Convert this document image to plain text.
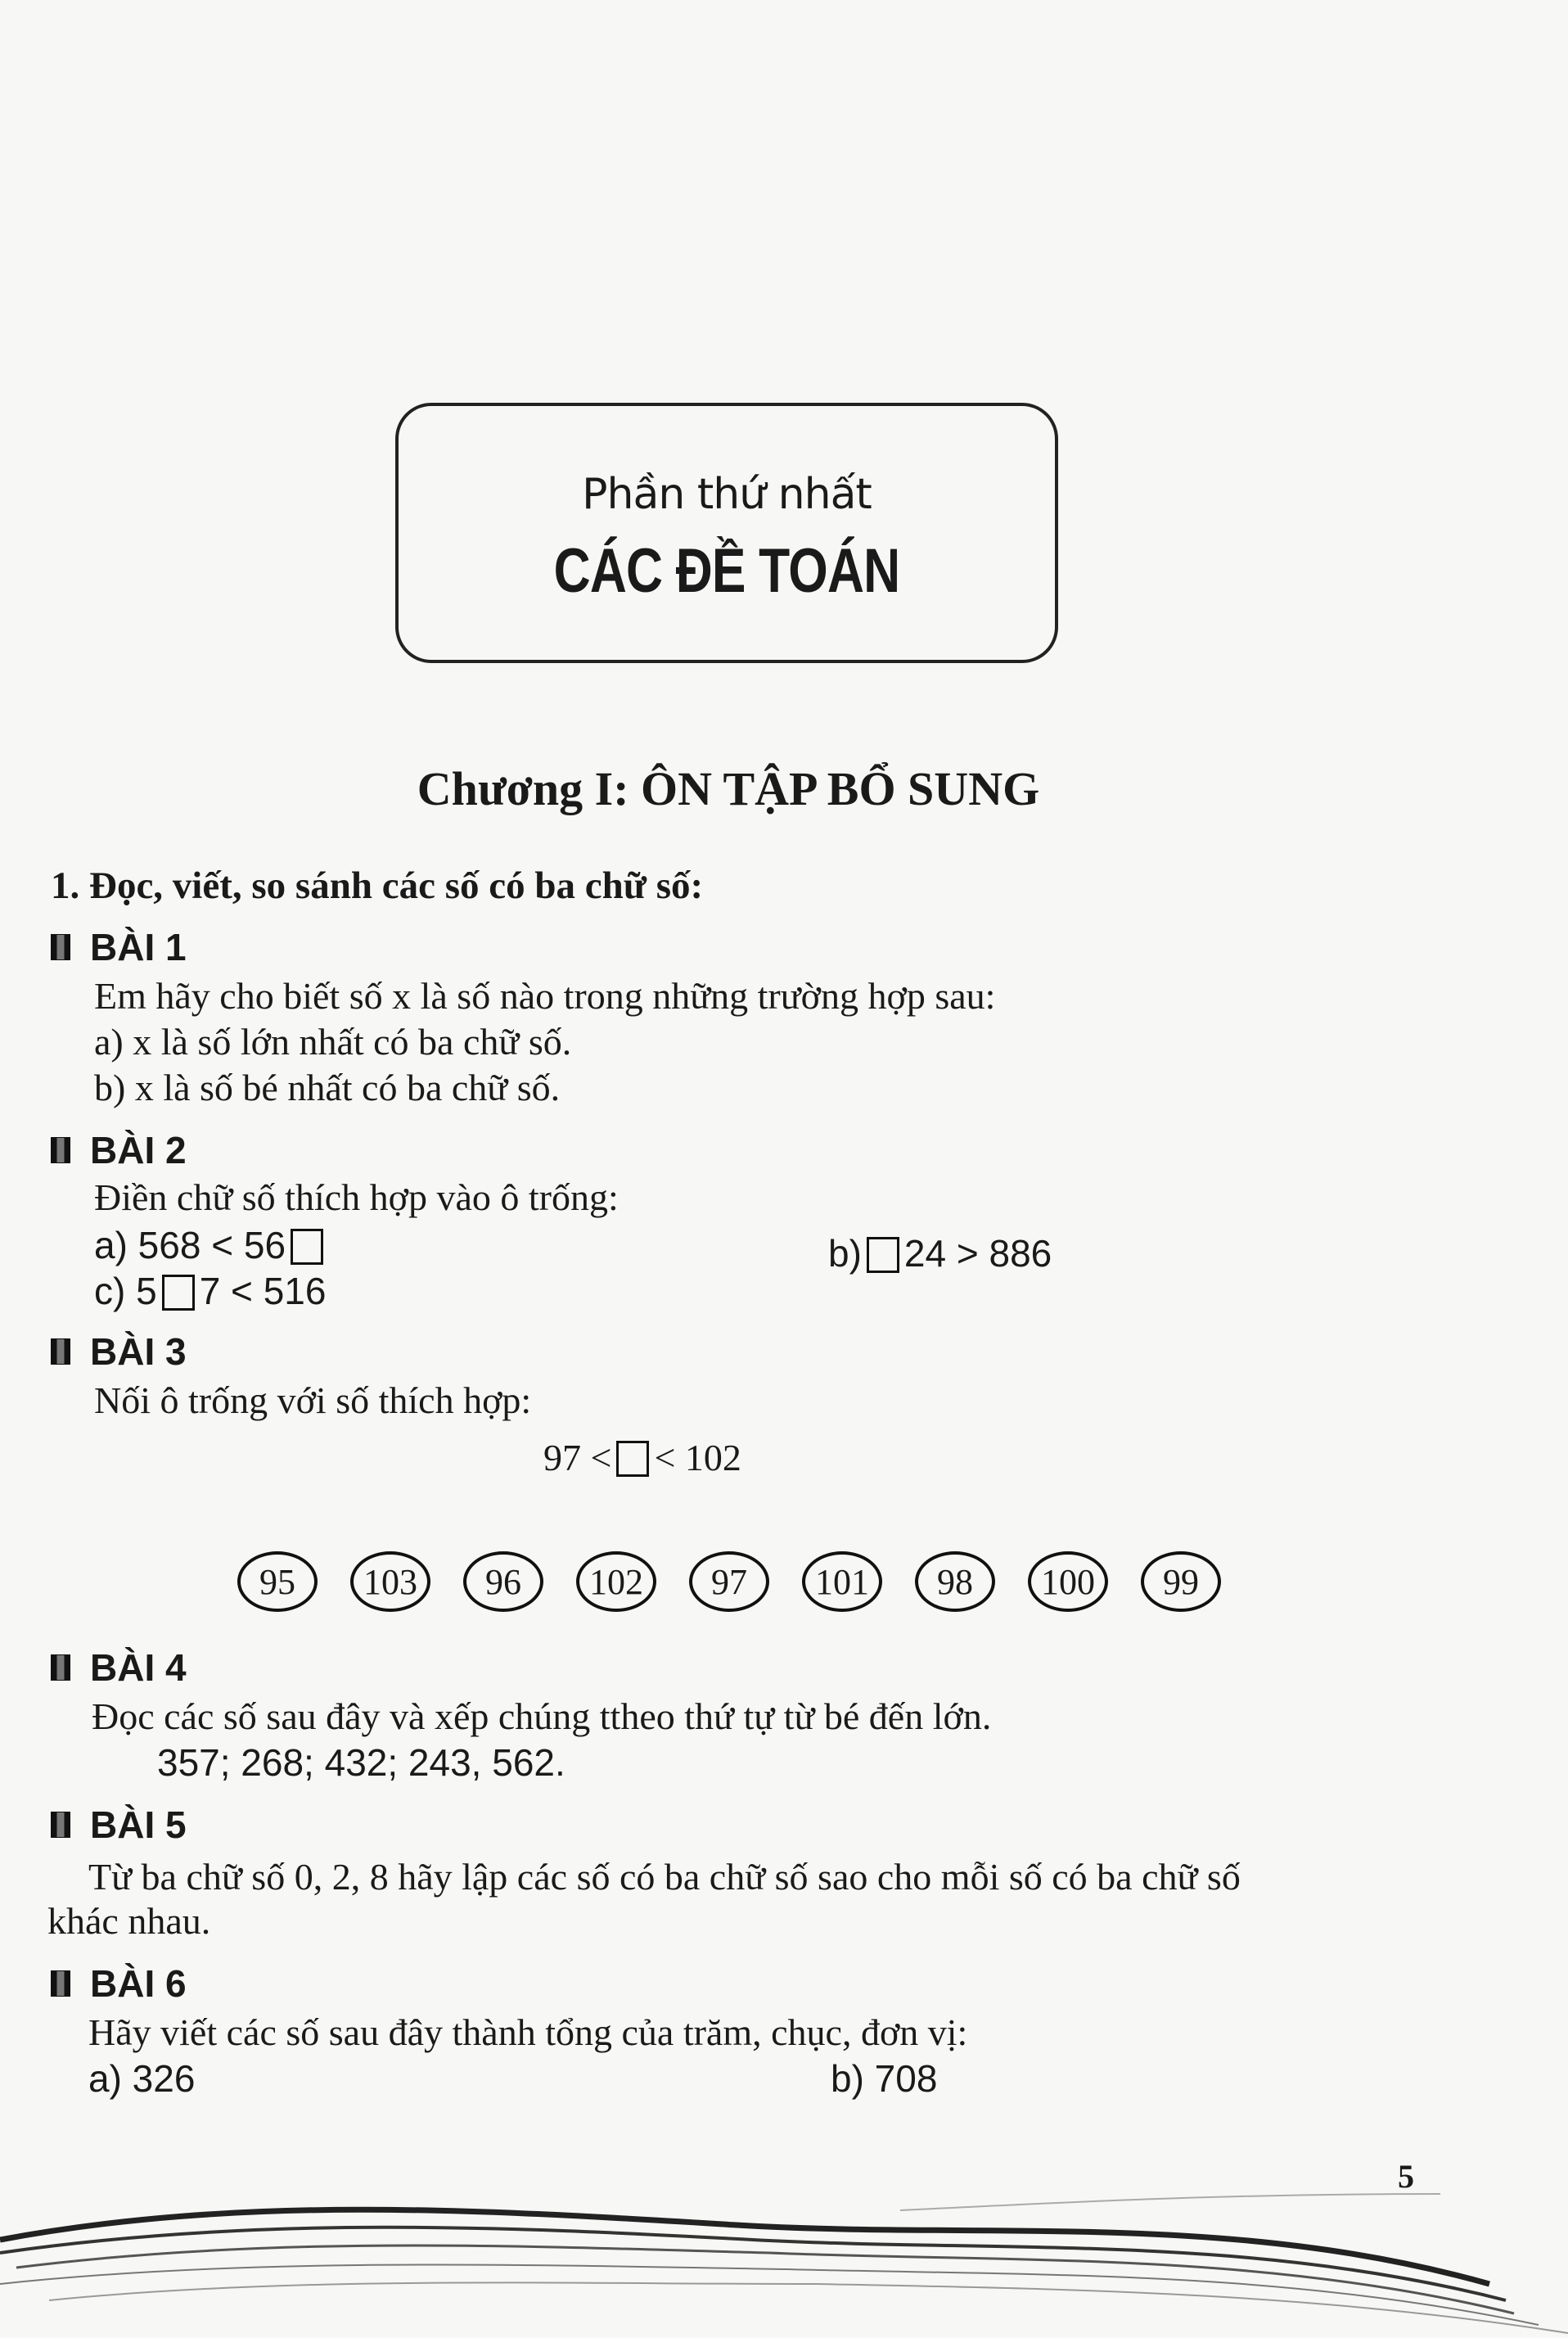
Phần thứ nhất
CÁC ĐỀ TOÁN
Chương I: ÔN TẬP BỔ SUNG
1. Đọc, viết, so sánh các số có ba chữ số:
BÀI 1
Em hãy cho biết số x là số nào trong những trường hợp sau:
a) x là số lớn nhất có ba chữ số.
b) x là số bé nhất có ba chữ số.
BÀI 2
Điền chữ số thích hợp vào ô trống:
a) 568 < 56	b) 24 > 886
c) 5 7 < 516
BÀI 3
Nối ô trống với số thích hợp:
97 < < 102
95	103	96	102	97	101	98	100	99
BÀI 4
Đọc các số sau đây và xếp chúng ttheo thứ tự từ bé đến lớn.
357; 268; 432; 243, 562.
BÀI 5
Từ ba chữ số 0, 2, 8 hãy lập các số có ba chữ số sao cho mỗi số có ba chữ số
khác nhau.
BÀI 6
Hãy viết các số sau đây thành tổng của trăm, chục, đơn vị:
a) 326	b) 708
5
